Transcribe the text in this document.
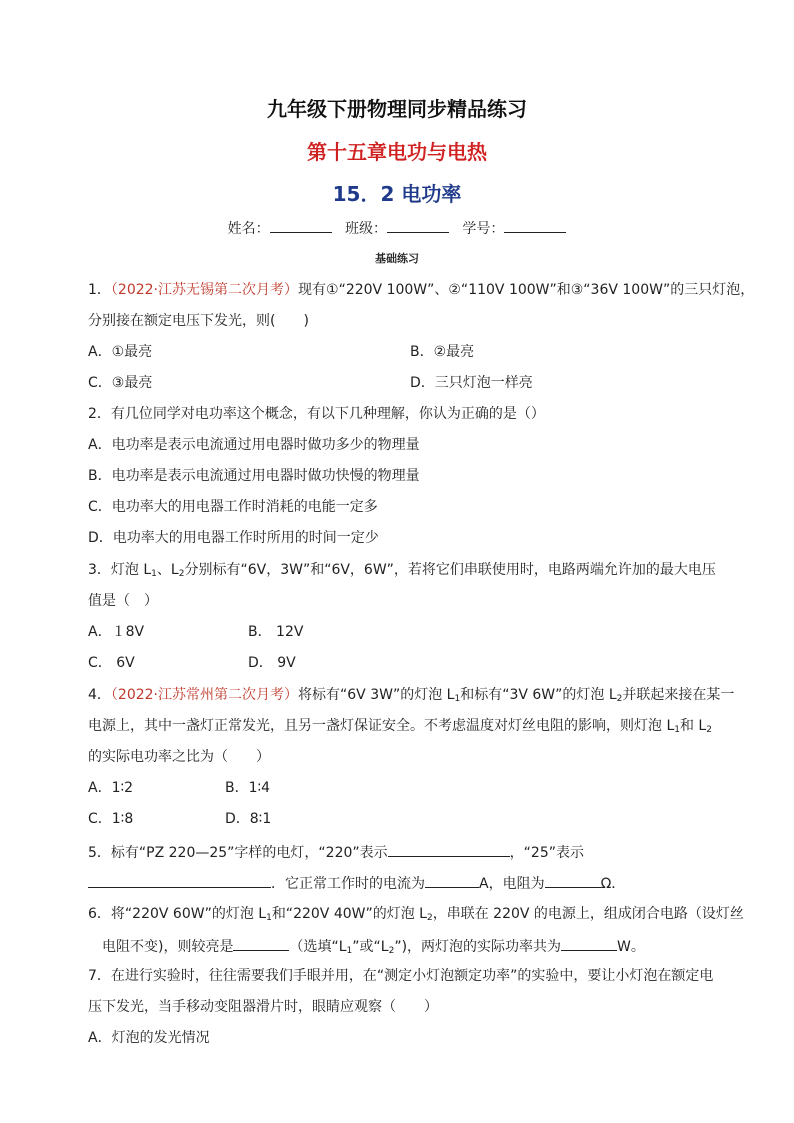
九年级下册物理同步精品练习
第十五章电功与电热
15．2 电功率
姓名：	班级：	学号：
基础练习
1．（2022·江苏无锡第二次月考）现有①“220V 100W”、②“110V 100W”和③“36V 100W”的三只灯泡，
分别接在额定电压下发光，则(　　)
A．①最亮	B．②最亮
C．③最亮	D．三只灯泡一样亮
2．有几位同学对电功率这个概念，有以下几种理解，你认为正确的是（）
A．电功率是表示电流通过用电器时做功多少的物理量
B．电功率是表示电流通过用电器时做功快慢的物理量
C．电功率大的用电器工作时消耗的电能一定多
D．电功率大的用电器工作时所用的时间一定少
3．灯泡 $L_1$、$L_2$分别标有“6V，3W”和“6V，6W”，若将它们串联使用时，电路两端允许加的最大电压
值是（　）
A．１8V	B． 12V
C． 6V	D． 9V
4．（2022·江苏常州第二次月考）将标有“6V 3W”的灯泡 $L_1$和标有“3V 6W”的灯泡 $L_2$并联起来接在某一
电源上，其中一盏灯正常发光，且另一盏灯保证安全。不考虑温度对灯丝电阻的影响，则灯泡 $L_1$和 $L_2$
的实际电功率之比为（　　）
A．1∶2	B．1∶4
C．1∶8	D．8∶1
5．标有“PZ 220—25”字样的电灯，“220”表示	，“25”表示
．它正常工作时的电流为	A，电阻为	Ω．
6．将“220V 60W”的灯泡 $L_1$和“220V 40W”的灯泡 $L_2$，串联在 220V 的电源上，组成闭合电路（设灯丝
电阻不变)，则较亮是	（选填“$L_1$”或“$L_2$”)，两灯泡的实际功率共为	W。
7．在进行实验时，往往需要我们手眼并用，在“测定小灯泡额定功率”的实验中，要让小灯泡在额定电
压下发光，当手移动变阻器滑片时，眼睛应观察（　　）
A．灯泡的发光情况
